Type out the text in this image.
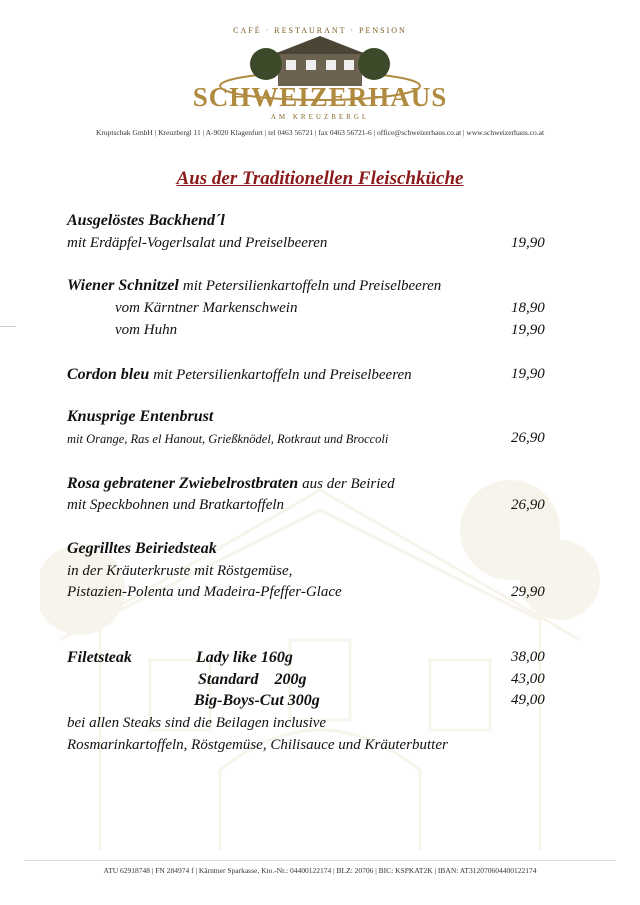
CAFÉ · RESTAURANT · PENSION
SCHWEIZERHAUS
AM KREUZBERGL
Kruptschak GmbH | Kreuzbergl 11 | A-9020 Klagenfurt | tel 0463 56721 | fax 0463 56721-6 | office@schweizerhaus.co.at | www.schweizerhaus.co.at
Aus der Traditionellen Fleischküche
Ausgelöstes Backhend´l
mit Erdäpfel-Vogerlsalat und Preiselbeeren	19,90
Wiener Schnitzel mit Petersilienkartoffeln und Preiselbeeren
vom Kärntner Markenschwein	18,90
vom Huhn	19,90
Cordon bleu mit Petersilienkartoffeln und Preiselbeeren	19,90
Knusprige Entenbrust
mit Orange, Ras el Hanout, Grießknödel, Rotkraut und Broccoli	26,90
Rosa gebratener Zwiebelrostbraten aus der Beiried
mit Speckbohnen und Bratkartoffeln	26,90
Gegrilltes Beiriedsteak
in der Kräuterkruste mit Röstgemüse,
Pistazien-Polenta und Madeira-Pfeffer-Glace	29,90
Filetsteak	Lady like 160g	38,00
Standard    200g	43,00
Big-Boys-Cut 300g	49,00
bei allen Steaks sind die Beilagen inclusive
Rosmarinkartoffeln, Röstgemüse, Chilisauce und Kräuterbutter
ATU 62918748 | FN 284974 f | Kärntner Sparkasse, Kto.-Nr.: 04400122174 | BLZ: 20706 | BIC: KSPKAT2K | IBAN: AT312070604400122174
